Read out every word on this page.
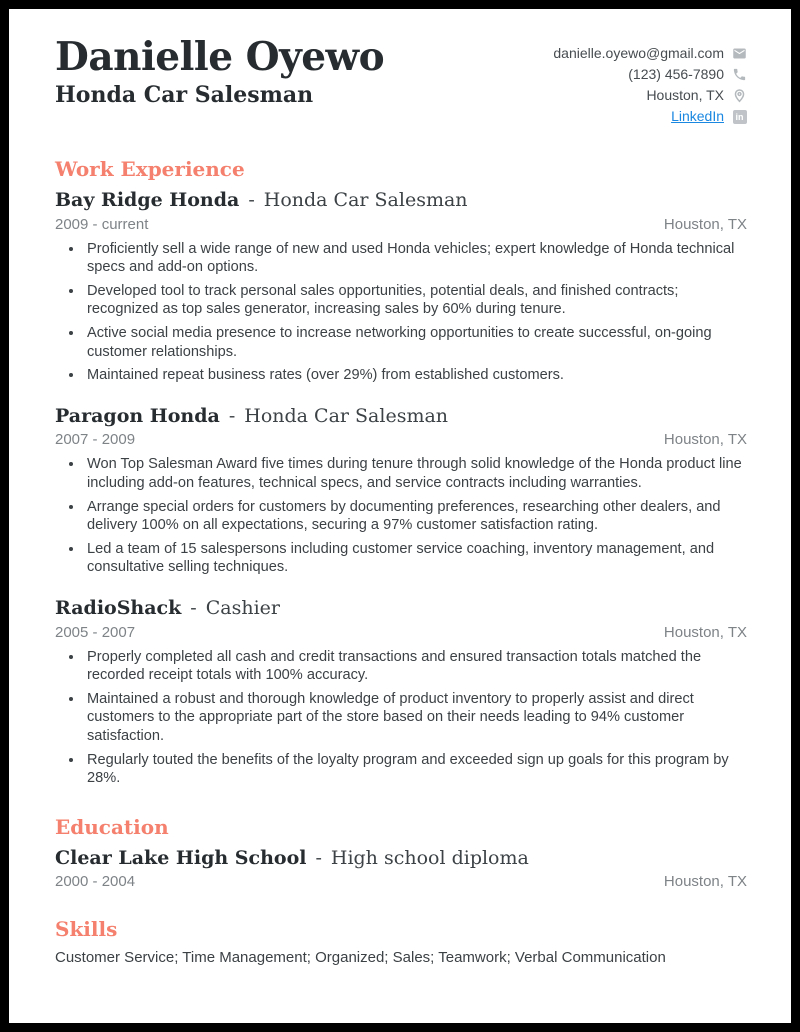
Danielle Oyewo
Honda Car Salesman
danielle.oyewo@gmail.com
(123) 456-7890
Houston, TX
LinkedIn	in
Work Experience
Bay Ridge Honda - Honda Car Salesman
2009 - current	Houston, TX
• Proficiently sell a wide range of new and used Honda vehicles; expert knowledge of Honda technical specs and add-on options.
• Developed tool to track personal sales opportunities, potential deals, and finished contracts; recognized as top sales generator, increasing sales by 60% during tenure.
• Active social media presence to increase networking opportunities to create successful, on-going customer relationships.
• Maintained repeat business rates (over 29%) from established customers.
Paragon Honda - Honda Car Salesman
2007 - 2009	Houston, TX
• Won Top Salesman Award five times during tenure through solid knowledge of the Honda product line including add-on features, technical specs, and service contracts including warranties.
• Arrange special orders for customers by documenting preferences, researching other dealers, and delivery 100% on all expectations, securing a 97% customer satisfaction rating.
• Led a team of 15 salespersons including customer service coaching, inventory management, and consultative selling techniques.
RadioShack - Cashier
2005 - 2007	Houston, TX
• Properly completed all cash and credit transactions and ensured transaction totals matched the recorded receipt totals with 100% accuracy.
• Maintained a robust and thorough knowledge of product inventory to properly assist and direct customers to the appropriate part of the store based on their needs leading to 94% customer satisfaction.
• Regularly touted the benefits of the loyalty program and exceeded sign up goals for this program by 28%.
Education
Clear Lake High School - High school diploma
2000 - 2004	Houston, TX
Skills
Customer Service; Time Management; Organized; Sales; Teamwork; Verbal Communication
